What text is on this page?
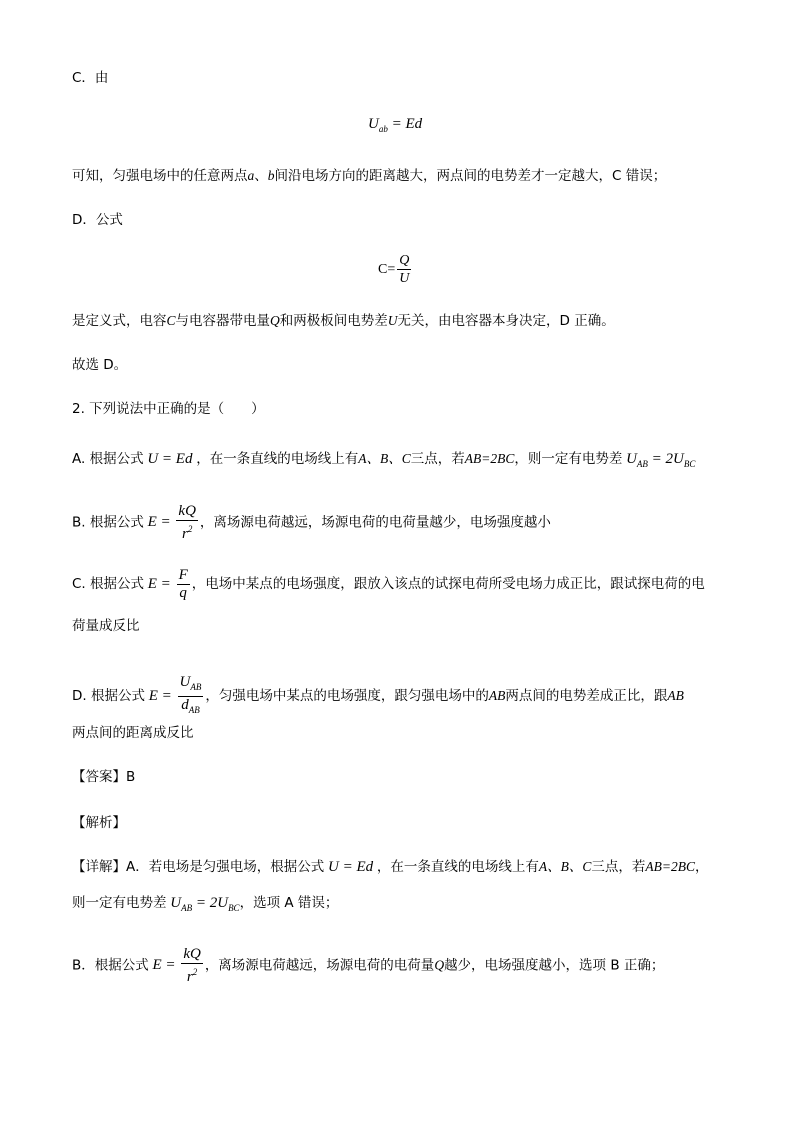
C．由
$U_{ab} = Ed$
可知，匀强电场中的任意两点a、b间沿电场方向的距离越大，两点间的电势差才一定越大，C 错误；
D．公式
$C= \frac{Q}{U}$
是定义式，电容C与电容器带电量Q和两极板间电势差U无关，由电容器本身决定，D 正确。
故选 D。
2. 下列说法中正确的是（　　）
A. 根据公式 U = Ed ，在一条直线的电场线上有A、B、C三点，若AB=2BC，则一定有电势差 $U_{AB} = 2U_{BC}$
B. 根据公式 $E = \frac{kQ}{r^2}$ ，离场源电荷越远，场源电荷的电荷量越少，电场强度越小
C. 根据公式 $E = \frac{F}{q}$ ，电场中某点的电场强度，跟放入该点的试探电荷所受电场力成正比，跟试探电荷的电
荷量成反比
D. 根据公式 $E = \frac{U_{AB}}{d_{AB}}$ ，匀强电场中某点的电场强度，跟匀强电场中的AB两点间的电势差成正比，跟AB
两点间的距离成反比
【答案】B
【解析】
【详解】A．若电场是匀强电场，根据公式 U = Ed ，在一条直线的电场线上有A、B、C三点，若AB=2BC，
则一定有电势差 $U_{AB} = 2U_{BC}$，选项 A 错误；
B．根据公式 $E = \frac{kQ}{r^2}$ ，离场源电荷越远，场源电荷的电荷量Q越少，电场强度越小，选项 B 正确；
